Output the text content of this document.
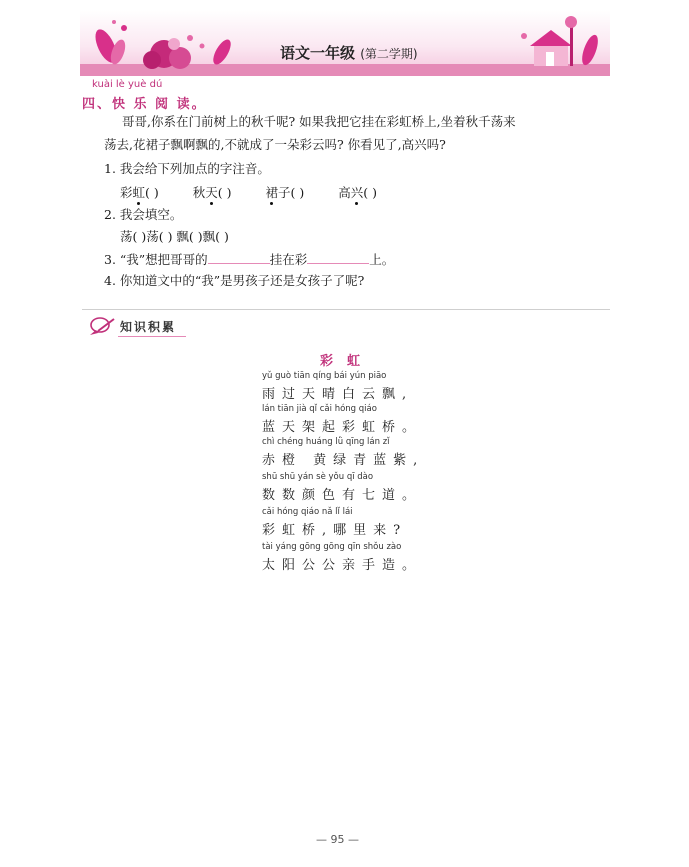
语文一年级 (第二学期)
kuài lè yuè dú
四、快 乐 阅 读。
哥哥,你系在门前树上的秋千呢? 如果我把它挂在彩虹桥上,坐着秋千荡来
荡去,花裙子飘啊飘的,不就成了一朵彩云吗? 你看见了,高兴吗?
1. 我会给下列加点的字注音。
彩虹( )	秋天( )	裙子( )	高兴( )
2. 我会填空。
荡( )荡( ) 飘( )飘( )
3. “我”想把哥哥的	挂在彩	上。
4. 你知道文中的“我”是男孩子还是女孩子了呢?
知识积累
彩虹
yǔ guò tiān qíng bái yún piāo
雨过天晴白云飘,
lán tiān jià qǐ cǎi hóng qiáo
蓝天架起彩虹桥。
chì chéng huáng lǜ qīng lán zǐ
赤橙 黄绿青蓝紫,
shū shū yán sè yǒu qī dào
数数颜色有七道。
cǎi hóng qiáo nǎ lǐ lái
彩虹桥,哪里来?
tài yáng gōng gōng qīn shǒu zào
太阳公公亲手造。
— 95 —
